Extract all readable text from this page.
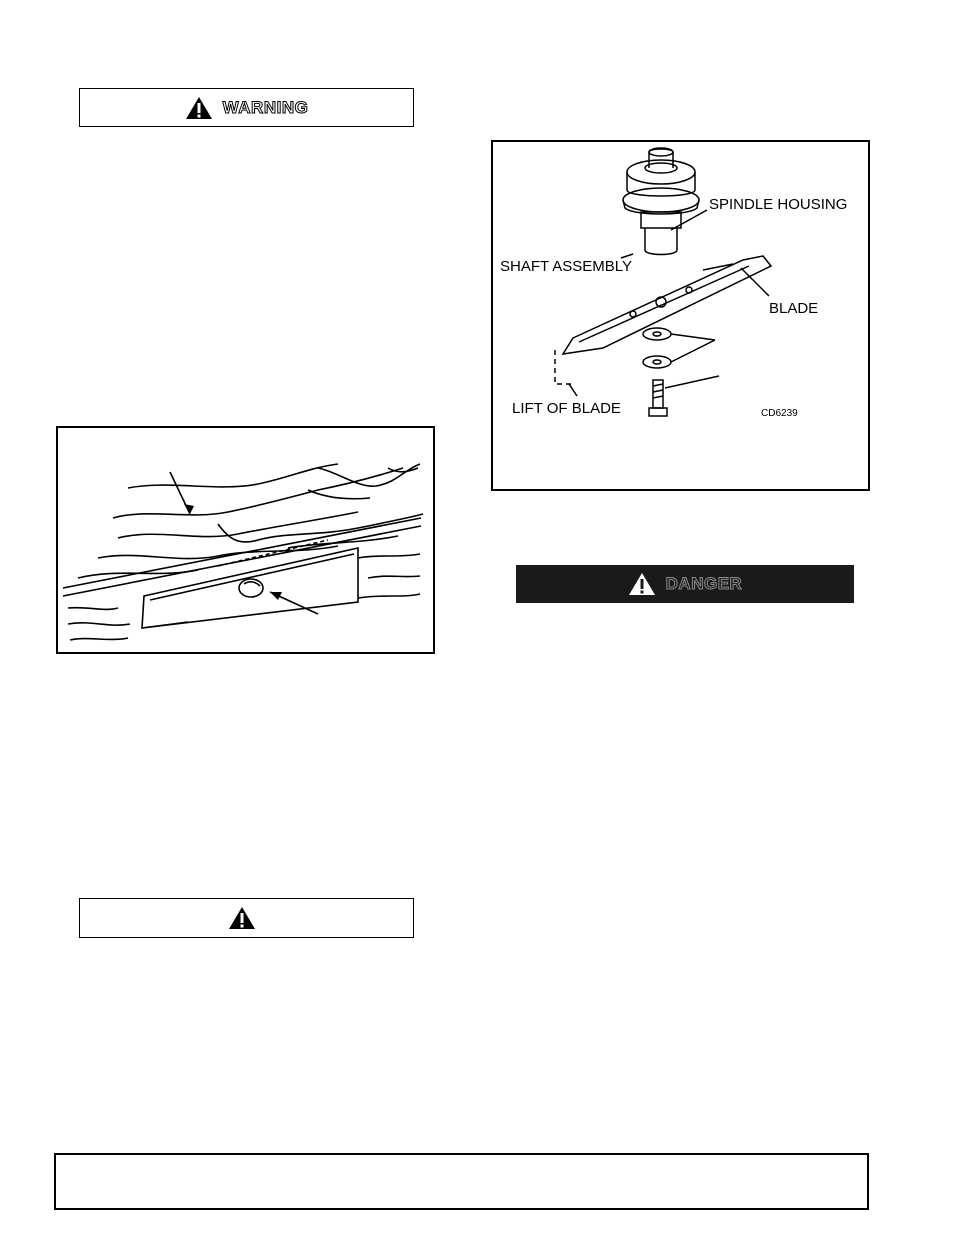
WARNING
SPINDLE HOUSING
SHAFT ASSEMBLY
BLADE
LIFT OF BLADE	CD6239
DANGER
